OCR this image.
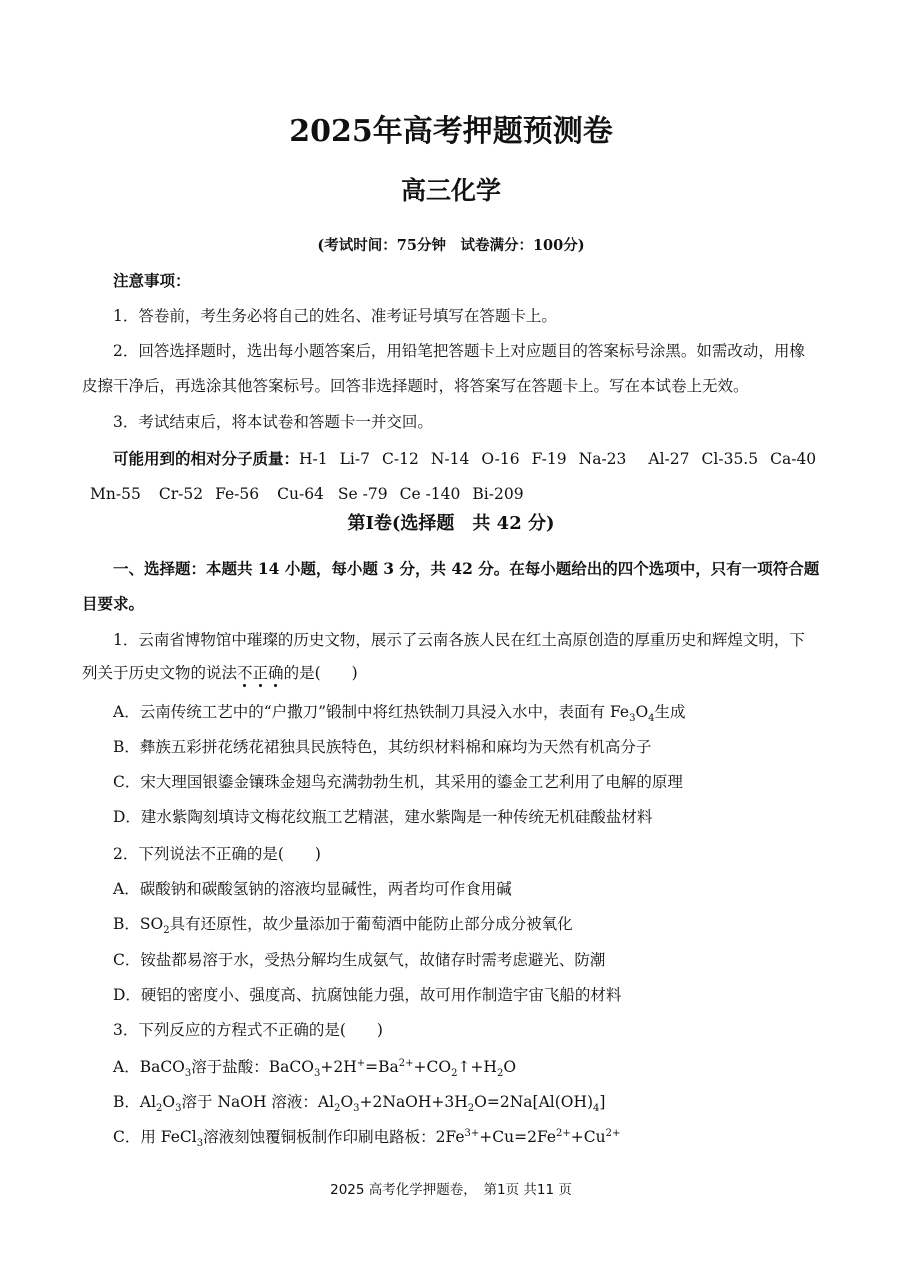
2025年高考押题预测卷
高三化学
(考试时间：75分钟　试卷满分：100分)
注意事项：
1．答卷前，考生务必将自己的姓名、准考证号填写在答题卡上。
2．回答选择题时，选出每小题答案后，用铅笔把答题卡上对应题目的答案标号涂黑。如需改动，用橡
皮擦干净后，再选涂其他答案标号。回答非选择题时，将答案写在答题卡上。写在本试卷上无效。
3．考试结束后，将本试卷和答题卡一并交回。
可能用到的相对分子质量：H-1 Li-7 C-12 N-14 O-16 F-19 Na-23 Al-27 Cl-35.5 Ca-40
Mn-55 Cr-52 Fe-56 Cu-64 Se -79 Ce -140 Bi-209
第Ⅰ卷(选择题　共 42 分)
一、选择题：本题共 14 小题，每小题 3 分，共 42 分。在每小题给出的四个选项中，只有一项符合题
目要求。
1．云南省博物馆中璀璨的历史文物，展示了云南各族人民在红土高原创造的厚重历史和辉煌文明，下
列关于历史文物的说法不正确的是(　　)
A．云南传统工艺中的“户撒刀”锻制中将红热铁制刀具浸入水中，表面有 $Fe_3O_4$生成
B．彝族五彩拼花绣花裙独具民族特色，其纺织材料棉和麻均为天然有机高分子
C．宋大理国银鎏金镶珠金翅鸟充满勃勃生机，其采用的鎏金工艺利用了电解的原理
D．建水紫陶刻填诗文梅花纹瓶工艺精湛，建水紫陶是一种传统无机硅酸盐材料
2．下列说法不正确的是(　　)
A．碳酸钠和碳酸氢钠的溶液均显碱性，两者均可作食用碱
B．$SO_2$具有还原性，故少量添加于葡萄酒中能防止部分成分被氧化
C．铵盐都易溶于水，受热分解均生成氨气，故储存时需考虑避光、防潮
D．硬铝的密度小、强度高、抗腐蚀能力强，故可用作制造宇宙飞船的材料
3．下列反应的方程式不正确的是(　　)
A．BaCO$_3$溶于盐酸：$BaCO_3+2H^+=Ba^{2+}+CO_2↑+H_2O$
B．$Al_2O_3$溶于 NaOH 溶液：$Al_2O_3+2NaOH+3H_2O=2Na[Al(OH)_4]$
C．用 FeCl$_3$溶液刻蚀覆铜板制作印刷电路板：$2Fe^{3+}+Cu=2Fe^{2+}+Cu^{2+}$
2025 高考化学押题卷，　第1页 共11 页
